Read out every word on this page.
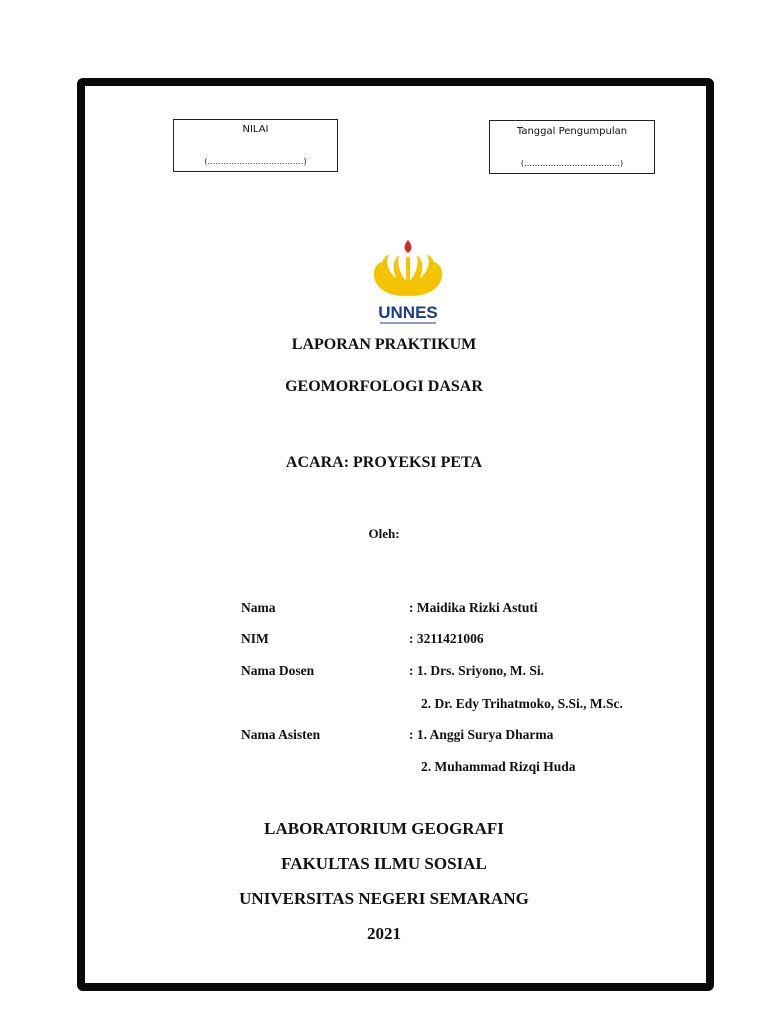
NILAI
(………………………………)
Tanggal Pengumpulan
(………………………………)
UNNES
LAPORAN PRAKTIKUM
GEOMORFOLOGI DASAR
ACARA: PROYEKSI PETA
Oleh:
Nama	: Maidika Rizki Astuti
NIM	: 3211421006
Nama Dosen	: 1. Drs. Sriyono, M. Si.
2. Dr. Edy Trihatmoko, S.Si., M.Sc.
Nama Asisten	: 1. Anggi Surya Dharma
2. Muhammad Rizqi Huda
LABORATORIUM GEOGRAFI
FAKULTAS ILMU SOSIAL
UNIVERSITAS NEGERI SEMARANG
2021
